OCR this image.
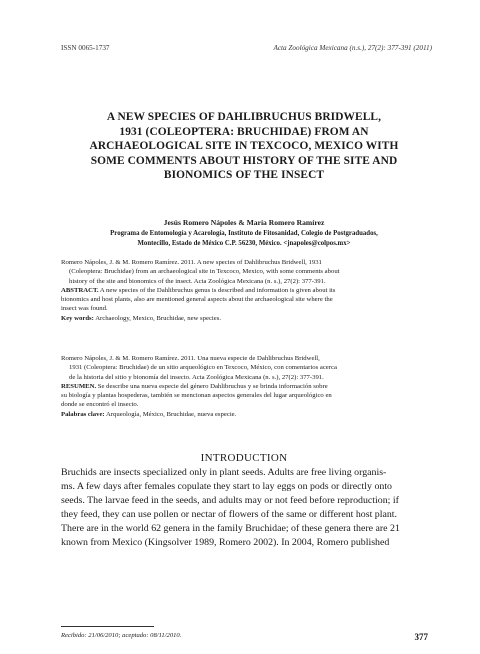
ISSN 0065-1737	Acta Zoológica Mexicana (n.s.), 27(2): 377-391 (2011)
A NEW SPECIES OF DAHLIBRUCHUS BRIDWELL,
1931 (COLEOPTERA: BRUCHIDAE) FROM AN
ARCHAEOLOGICAL SITE IN TEXCOCO, MEXICO WITH
SOME COMMENTS ABOUT HISTORY OF THE SITE AND
BIONOMICS OF THE INSECT
Jesús Romero Nápoles & María Romero Ramírez
Programa de Entomología y Acarología, Instituto de Fitosanidad, Colegio de Postgraduados,
Montecillo, Estado de México C.P. 56230, México. <jnapoles@colpos.mx>
Romero Nápoles, J. & M. Romero Ramírez. 2011. A new species of Dahlibruchus Bridwell, 1931
(Coleoptera: Bruchidae) from an archaeological site in Texcoco, Mexico, with some comments about
history of the site and bionomics of the insect. Acta Zoológica Mexicana (n. s.), 27(2): 377-391.
ABSTRACT. A new species of the Dahlibruchus genus is described and information is given about its
bionomics and host plants, also are mentioned general aspects about the archaeological site where the
insect was found.
Key words: Archaeology, Mexico, Bruchidae, new species.
Romero Nápoles, J. & M. Romero Ramírez. 2011. Una nueva especie de Dahlibruchus Bridwell,
1931 (Coleoptera: Bruchidae) de un sitio arqueológico en Texcoco, México, con comentarios acerca
de la historia del sitio y bionomía del insecto. Acta Zoológica Mexicana (n. s.), 27(2): 377-391.
RESUMEN. Se describe una nueva especie del género Dahlibruchus y se brinda información sobre
su biología y plantas hospederas, también se mencionan aspectos generales del lugar arqueológico en
donde se encontró el insecto.
Palabras clave: Arqueología, México, Bruchidae, nueva especie.
INTRODUCTION
Bruchids are insects specialized only in plant seeds. Adults are free living organis-
ms. A few days after females copulate they start to lay eggs on pods or directly onto
seeds. The larvae feed in the seeds, and adults may or not feed before reproduction; if
they feed, they can use pollen or nectar of flowers of the same or different host plant.
There are in the world 62 genera in the family Bruchidae; of these genera there are 21
known from Mexico (Kingsolver 1989, Romero 2002). In 2004, Romero published
Recibido: 21/06/2010; aceptado: 08/11/2010.	377
